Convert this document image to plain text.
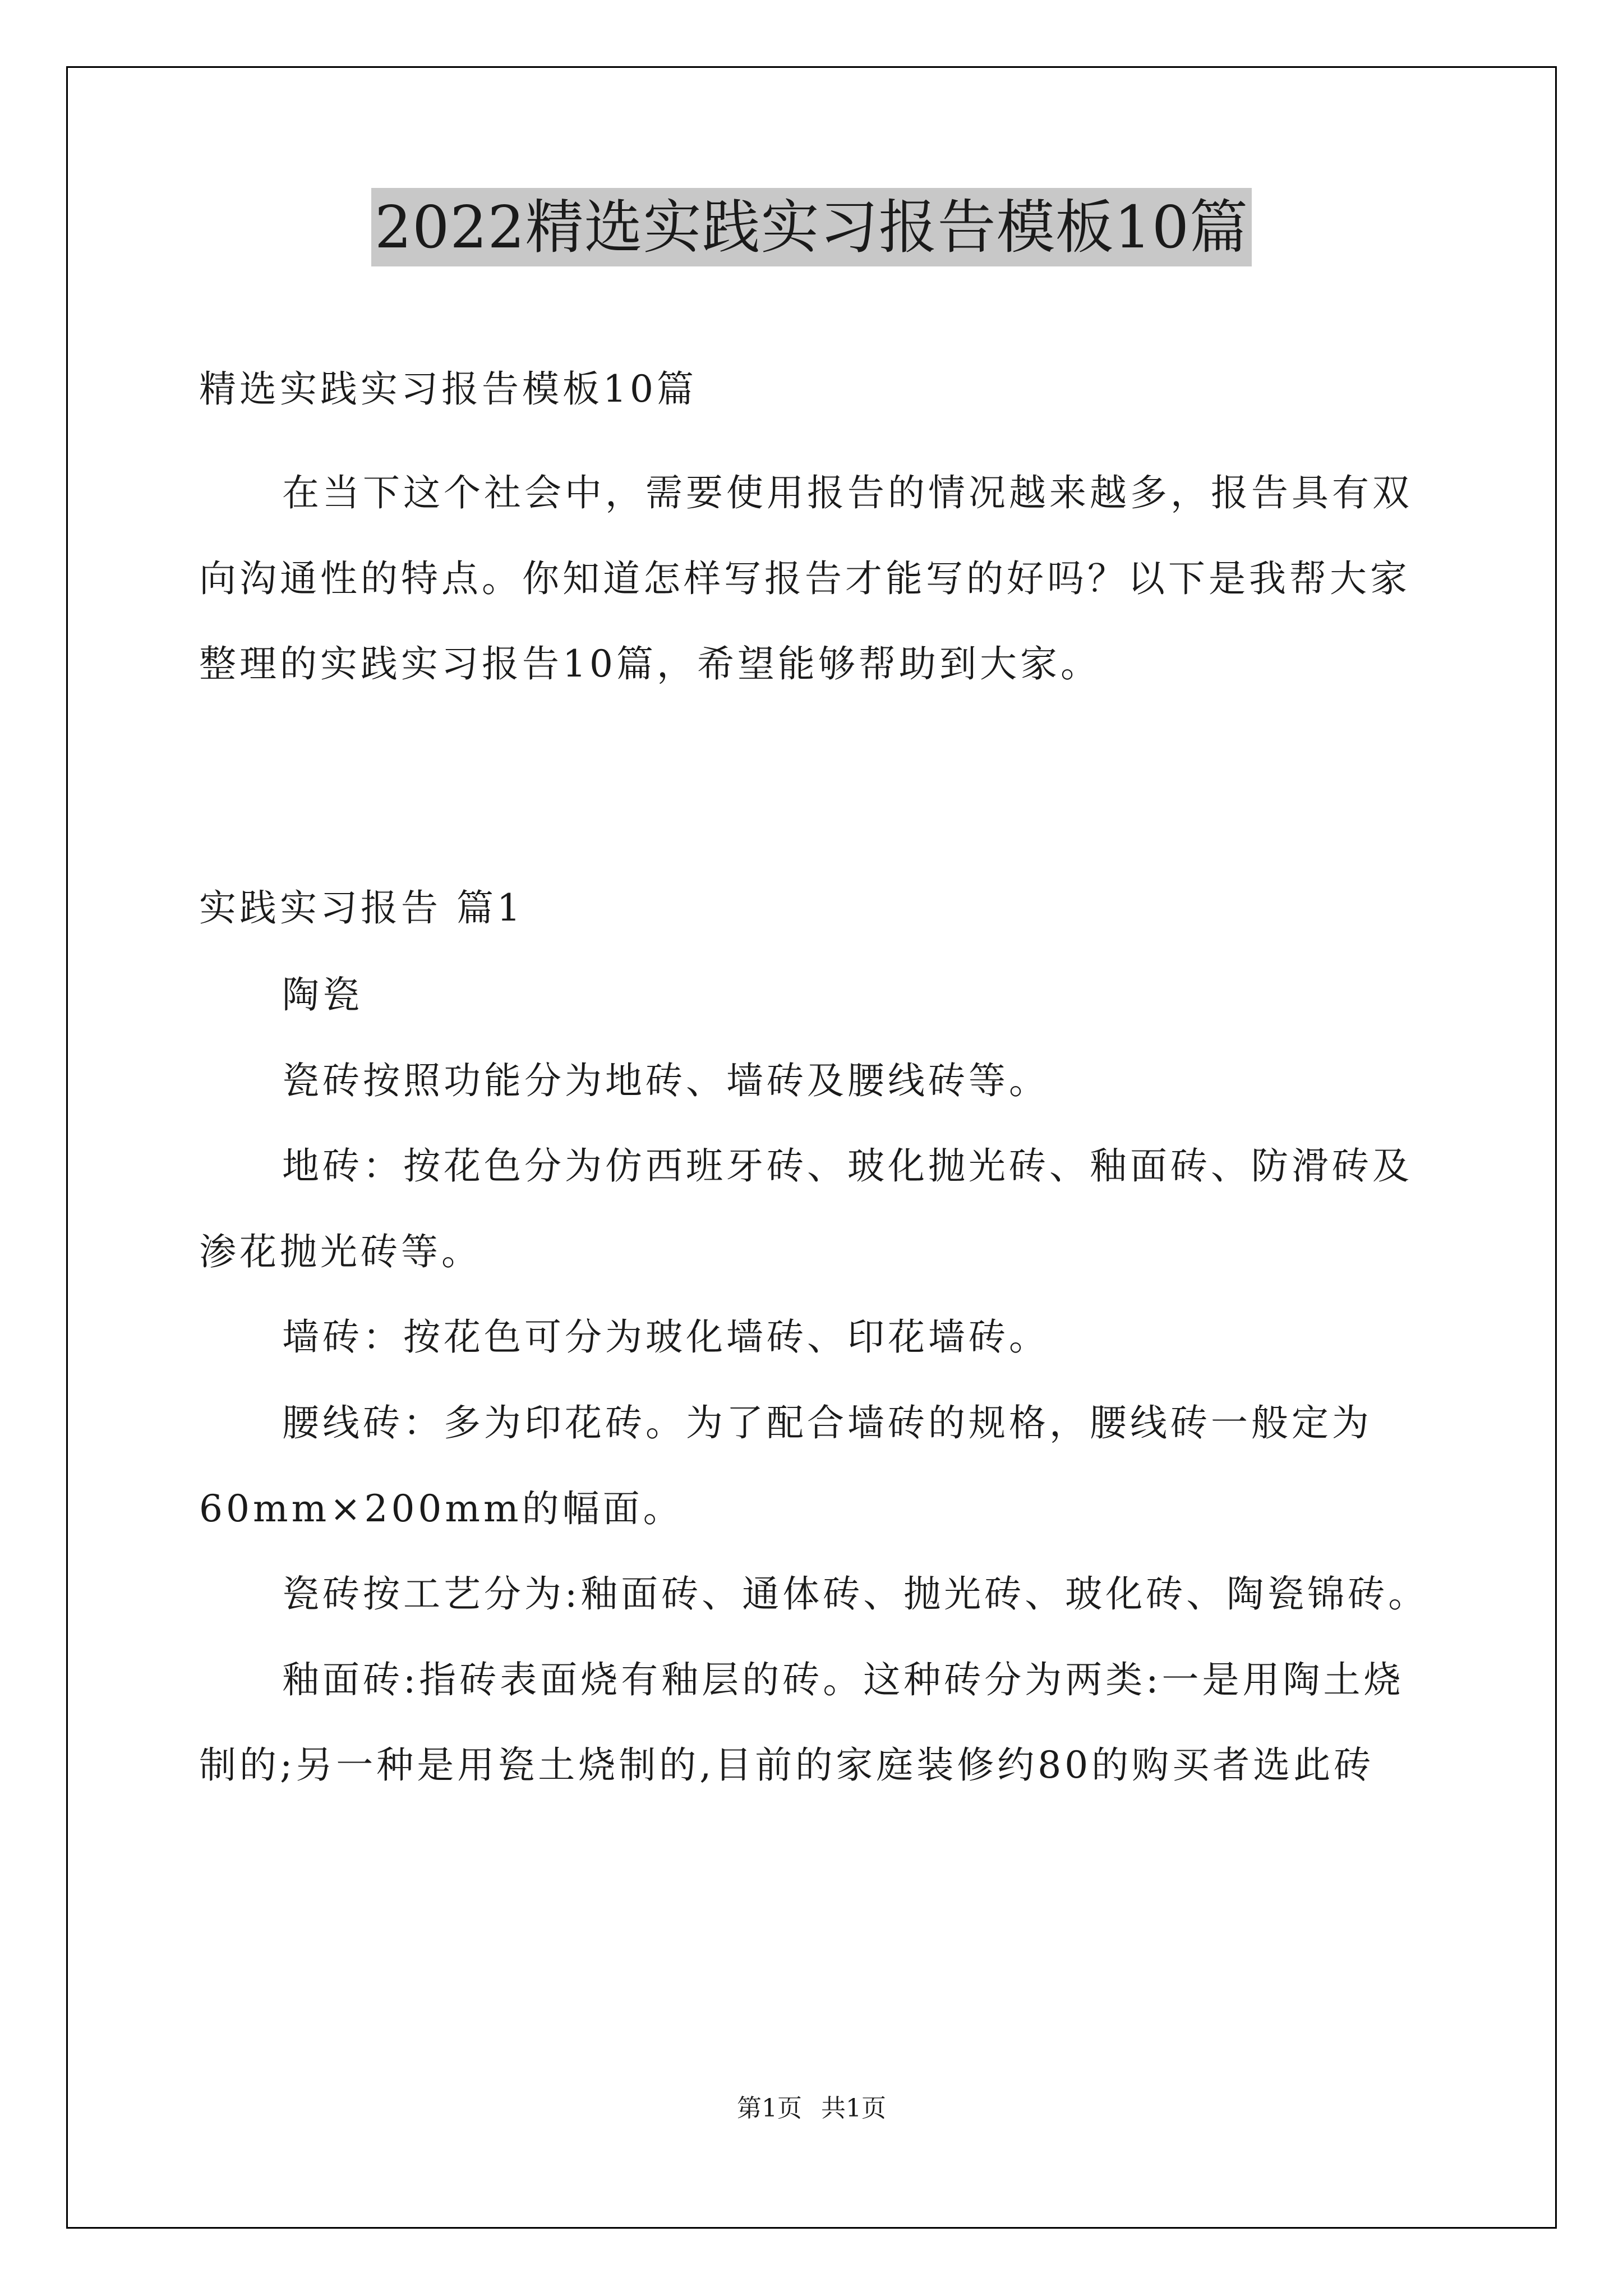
2022精选实践实习报告模板10篇
精选实践实习报告模板10篇
在当下这个社会中，需要使用报告的情况越来越多，报告具有双
向沟通性的特点。你知道怎样写报告才能写的好吗？以下是我帮大家
整理的实践实习报告10篇，希望能够帮助到大家。
实践实习报告 篇1
陶瓷
瓷砖按照功能分为地砖、墙砖及腰线砖等。
地砖：按花色分为仿西班牙砖、玻化抛光砖、釉面砖、防滑砖及
渗花抛光砖等。
墙砖：按花色可分为玻化墙砖、印花墙砖。
腰线砖：多为印花砖。为了配合墙砖的规格，腰线砖一般定为
60mm×200mm的幅面。
瓷砖按工艺分为:釉面砖、通体砖、抛光砖、玻化砖、陶瓷锦砖。
釉面砖:指砖表面烧有釉层的砖。这种砖分为两类:一是用陶土烧
制的;另一种是用瓷土烧制的,目前的家庭装修约80的购买者选此砖
第1页 共1页
